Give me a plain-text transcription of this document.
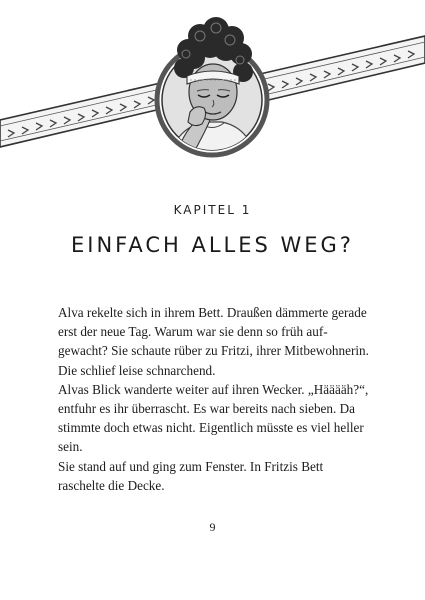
KAPITEL 1
EINFACH ALLES WEG?
Alva rekelte sich in ihrem Bett. Draußen dämmerte gerade
erst der neue Tag. Warum war sie denn so früh auf-
gewacht? Sie schaute rüber zu Fritzi, ihrer Mitbewohnerin.
Die schlief leise schnarchend.
Alvas Blick wanderte weiter auf ihren Wecker. „Hääääh?“,
entfuhr es ihr überrascht. Es war bereits nach sieben. Da
stimmte doch etwas nicht. Eigentlich müsste es viel heller
sein.
Sie stand auf und ging zum Fenster. In Fritzis Bett
raschelte die Decke.
9
